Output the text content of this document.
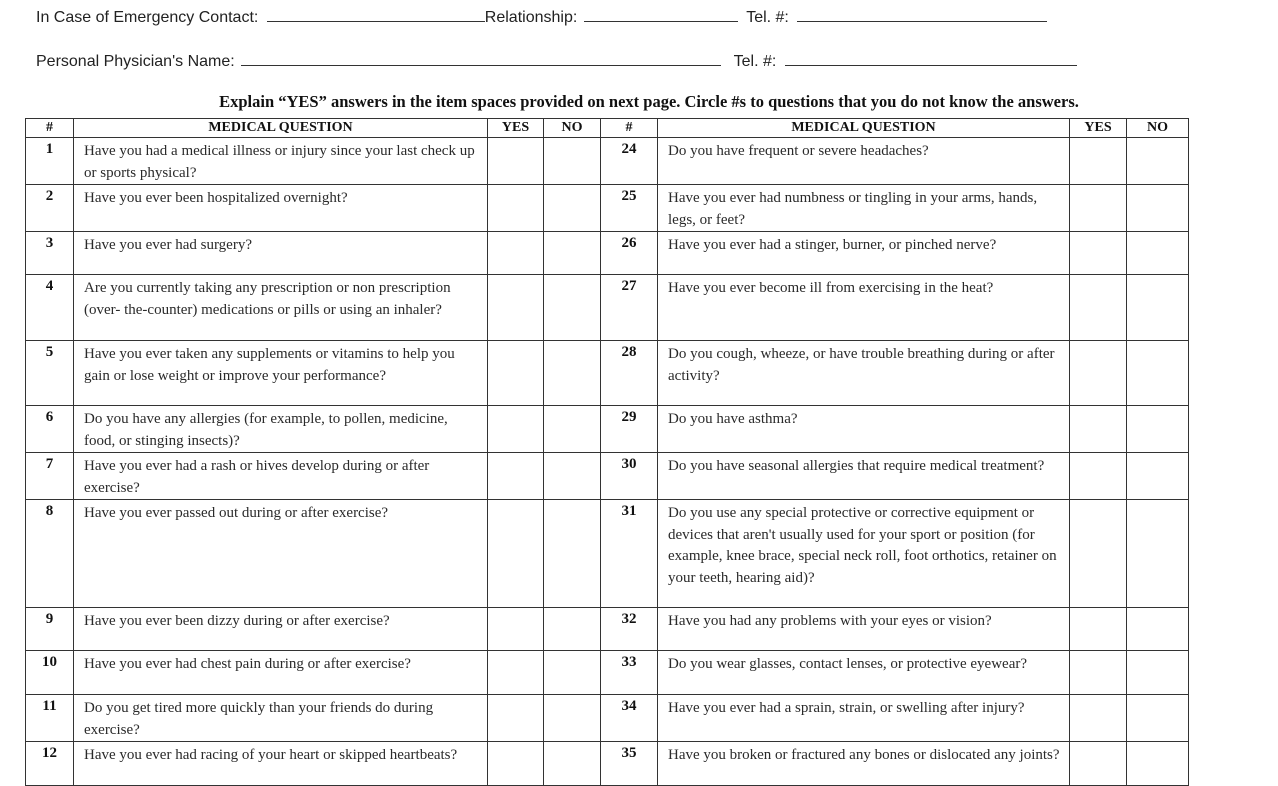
In Case of Emergency Contact:	Relationship:	Tel. #:
Personal Physician's Name:	Tel. #:
Explain “YES” answers in the item spaces provided on next page. Circle #s to questions that you do not know the answers.
#	MEDICAL QUESTION	YES	NO	#	MEDICAL QUESTION	YES	NO
1	Have you had a medical illness or injury since your last check up or sports physical?			24	Do you have frequent or severe headaches?		
2	Have you ever been hospitalized overnight?			25	Have you ever had numbness or tingling in your arms, hands, legs, or feet?		
3	Have you ever had surgery?			26	Have you ever had a stinger, burner, or pinched nerve?		
4	Are you currently taking any prescription or non prescription (over- the-counter) medications or pills or using an inhaler?			27	Have you ever become ill from exercising in the heat?		
5	Have you ever taken any supplements or vitamins to help you gain or lose weight or improve your performance?			28	Do you cough, wheeze, or have trouble breathing during or after activity?		
6	Do you have any allergies (for example, to pollen, medicine, food, or stinging insects)?			29	Do you have asthma?		
7	Have you ever had a rash or hives develop during or after exercise?			30	Do you have seasonal allergies that require medical treatment?		
8	Have you ever passed out during or after exercise?			31	Do you use any special protective or corrective equipment or devices that aren't usually used for your sport or position (for example, knee brace, special neck roll, foot orthotics, retainer on your teeth, hearing aid)?		
9	Have you ever been dizzy during or after exercise?			32	Have you had any problems with your eyes or vision?		
10	Have you ever had chest pain during or after exercise?			33	Do you wear glasses, contact lenses, or protective eyewear?		
11	Do you get tired more quickly than your friends do during exercise?			34	Have you ever had a sprain, strain, or swelling after injury?		
12	Have you ever had racing of your heart or skipped heartbeats?			35	Have you broken or fractured any bones or dislocated any joints?		
